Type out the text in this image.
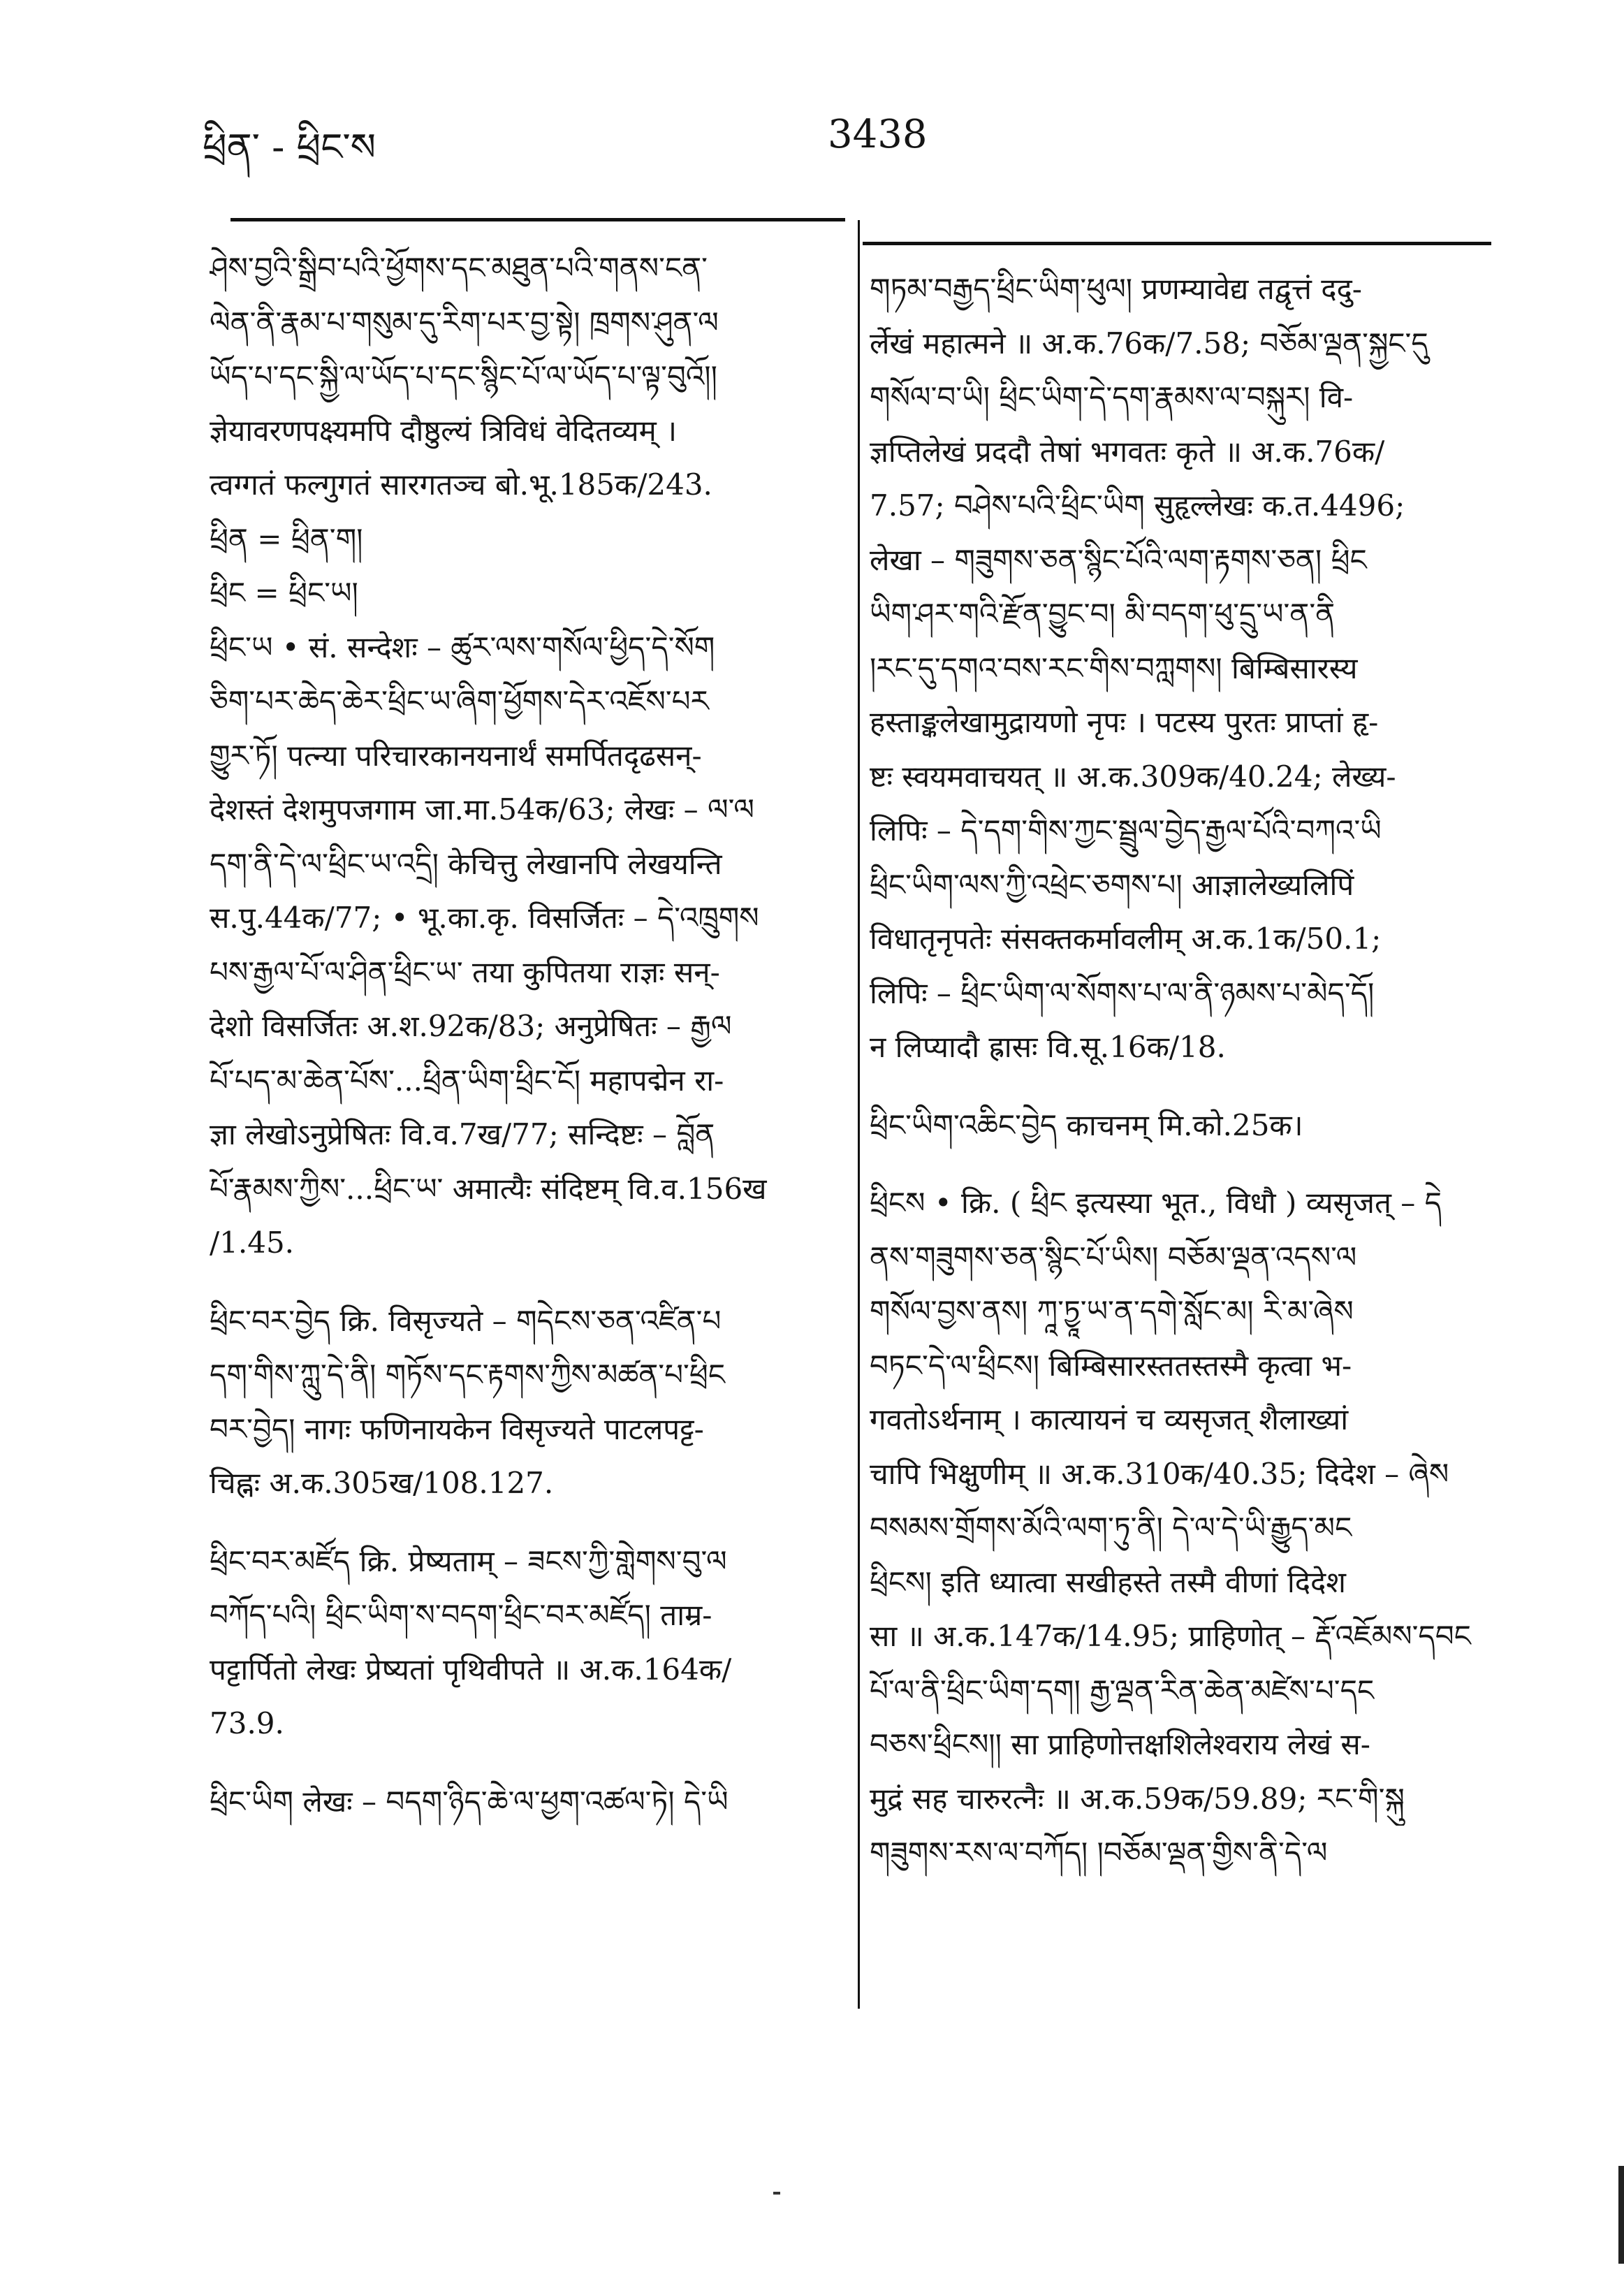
ཕྲིན་ - ཕྲིང་ས	3438
ཤེས་བྱའི་སྒྲིབ་པའི་ཕྱོགས་དང་མཐུན་པའི་གནས་ངན་
ལེན་ནི་རྣམ་པ་གསུམ་དུ་རིག་པར་བྱ་སྟེ། ཁྲགས་ཤུན་ལ
ཡོད་པ་དང་སྐྱི་ལ་ཡོད་པ་དང་སྙིང་པོ་ལ་ཡོད་པ་ལྟ་བུའོ།།
ज्ञेयावरणपक्ष्यमपि दौष्ठुल्यं त्रिविधं वेदितव्यम् ।
त्वग्गतं फल्गुगतं सारगतञ्च बो.भू.185क/243.
ཕྲིན = ཕྲིན་ག།
ཕྲིང = ཕྲིང་ཡ།
ཕྲིང་ཡ • सं. सन्देशः – ཚུར་ལས་གསོལ་ཕྱིད་དེ་སོག
ཅིག་པར་ཆེད་ཆེར་ཕྲིང་ཡ་ཞིག་ཕྱོགས་དེར་འཇོས་པར
གྱུར་ཏོ། पत्न्या परिचारकानयनार्थं समर्पितदृढसन्-
देशस्तं देशमुपजगाम जा.मा.54क/63; लेखः – ལ་ལ
དག་ནི་དེ་ལ་ཕྲིང་ཡ་འདྲི། केचित्तु लेखानपि लेखयन्ति
स.पु.44क/77; • भू.का.कृ. विसर्जितः – དེ་འཁྲུགས
པས་རྒྱལ་པོ་ལ་ཤིན་ཕྲིང་ཡ་ तया कुपितया राज्ञः सन्-
देशो विसर्जितः अ.श.92क/83; अनुप्रेषितः – རྒྱལ
པོ་པད་མ་ཆེན་པོས་...ཕྲིན་ཡིག་ཕྲིང་ངོ། महापद्मेन रा-
ज्ञा लेखोऽनुप्रेषितः वि.व.7ख/77; सन्दिष्टः – བློན
པོ་རྣམས་ཀྱིས་...ཕྲིང་ཡ་ अमात्यैः संदिष्टम् वि.व.156ख
/1.45.
ཕྲིང་བར་བྱེད क्रि. विसृज्यते – གདེངས་ཅན་འཛིན་པ
དག་གིས་ཀླུ་དེ་ནི། གཏོས་དང་རྟགས་ཀྱིས་མཚན་པ་ཕྲིང
བར་བྱེད། नागः फणिनायकेन विसृज्यते पाटलपट्ट-
चिह्नः अ.क.305ख/108.127.
ཕྲིང་བར་མཛོད क्रि. प्रेष्यताम् – ཟངས་ཀྱི་གླེགས་བུ་ལ
བཀོད་པའི། ཕྲིང་ཡིག་ས་བདག་ཕྲིང་བར་མཛོད། ताम्र-
पट्टार्पितो लेखः प्रेष्यतां पृथिवीपते ॥ अ.क.164क/
73.9.
ཕྲིང་ཡིག लेखः – བདག་ཉིད་ཆེ་ལ་ཕྱག་འཚལ་ཏེ། དེ་ཡི
གཏམ་བརྒྱད་ཕྲིང་ཡིག་ཕུལ། प्रणम्यावेद्य तद्वृत्तं ददु-
र्लेखं महात्मने ॥ अ.क.76क/7.58; བཅོམ་ལྡན་སྐྱང་དུ
གསོལ་བ་ཡི། ཕྲིང་ཡིག་དེ་དག་རྣམས་ལ་བསྐུར། वि-
ज्ञप्तिलेखं प्रददौ तेषां भगवतः कृते ॥ अ.क.76क/
7.57; བཤེས་པའི་ཕྲིང་ཡིག सुहृल्लेखः क.त.4496;
लेखा – གཟུགས་ཅན་སྙིང་པོའི་ལག་རྟགས་ཅན། ཕྲིང
ཡིག་ཤར་གའི་རྫོན་བྱུང་བ། མི་བདག་ཕུ་དྲུ་ཡ་ན་ནི
།རང་དུ་དགའ་བས་རང་གིས་བཀླགས། बिम्बिसारस्य
हस्ताङ्कलेखामुद्रायणो नृपः । पटस्य पुरतः प्राप्तां हृ-
ष्टः स्वयमवाचयत् ॥ अ.क.309क/40.24; लेख्य-
लिपिः – དེ་དག་གིས་ཀྱང་སྦྲུལ་བྱེད་རྒྱལ་པོའི་བཀའ་ཡི
ཕྲིང་ཡིག་ལས་ཀྱི་འཕྲེང་ཅགས་པ། आज्ञालेख्यलिपिं
विधातृनृपतेः संसक्तकर्मावलीम् अ.क.1क/50.1;
लिपिः – ཕྲིང་ཡིག་ལ་སོགས་པ་ལ་ནི་ཉམས་པ་མེད་དོ།
न लिप्यादौ ह्रासः वि.सू.16क/18.
ཕྲིང་ཡིག་འཆིང་བྱེད काचनम् मि.को.25क।
ཕྲིངས • क्रि. ( ཕྲིང इत्यस्या भूत., विधौ ) व्यसृजत् – དེ
ནས་གཟུགས་ཅན་སྙིང་པོ་ཡིས། བཅོམ་ལྡན་འདས་ལ
གསོལ་བྱས་ནས། ཀཱ་ཏྱཱ་ཡ་ན་དགེ་སློང་མ། རི་མ་ཞེས
བཏང་དེ་ལ་ཕྲིངས། बिम्बिसारस्ततस्तस्मै कृत्वा भ-
गवतोऽर्थनाम् । कात्यायनं च व्यसृजत् शैलाख्यां
चापि भिक्षुणीम् ॥ अ.क.310क/40.35; दिदेश – ཞེས
བསམས་གྲོགས་མོའི་ལག་ཏུ་ནི། དེ་ལ་དེ་ཡི་རྒྱུད་མང
ཕྲིངས། इति ध्यात्वा सखीहस्ते तस्मै वीणां दिदेश
सा ॥ अ.क.147क/14.95; प्राहिणोत् – རྡོ་འཇོམས་དབང
པོ་ལ་ནི་ཕྲིང་ཡིག་དག། རྒྱ་ལྡན་རིན་ཆེན་མཛེས་པ་དང
བཅས་ཕྲིངས།། सा प्राहिणोत्तक्षशिलेश्वराय लेखं स-
मुद्रं सह चारुरत्नैः ॥ अ.क.59क/59.89; རང་གི་སྐུ
གཟུགས་རས་ལ་བཀོད། །བཅོམ་ལྡན་གྱིས་ནི་དེ་ལ
